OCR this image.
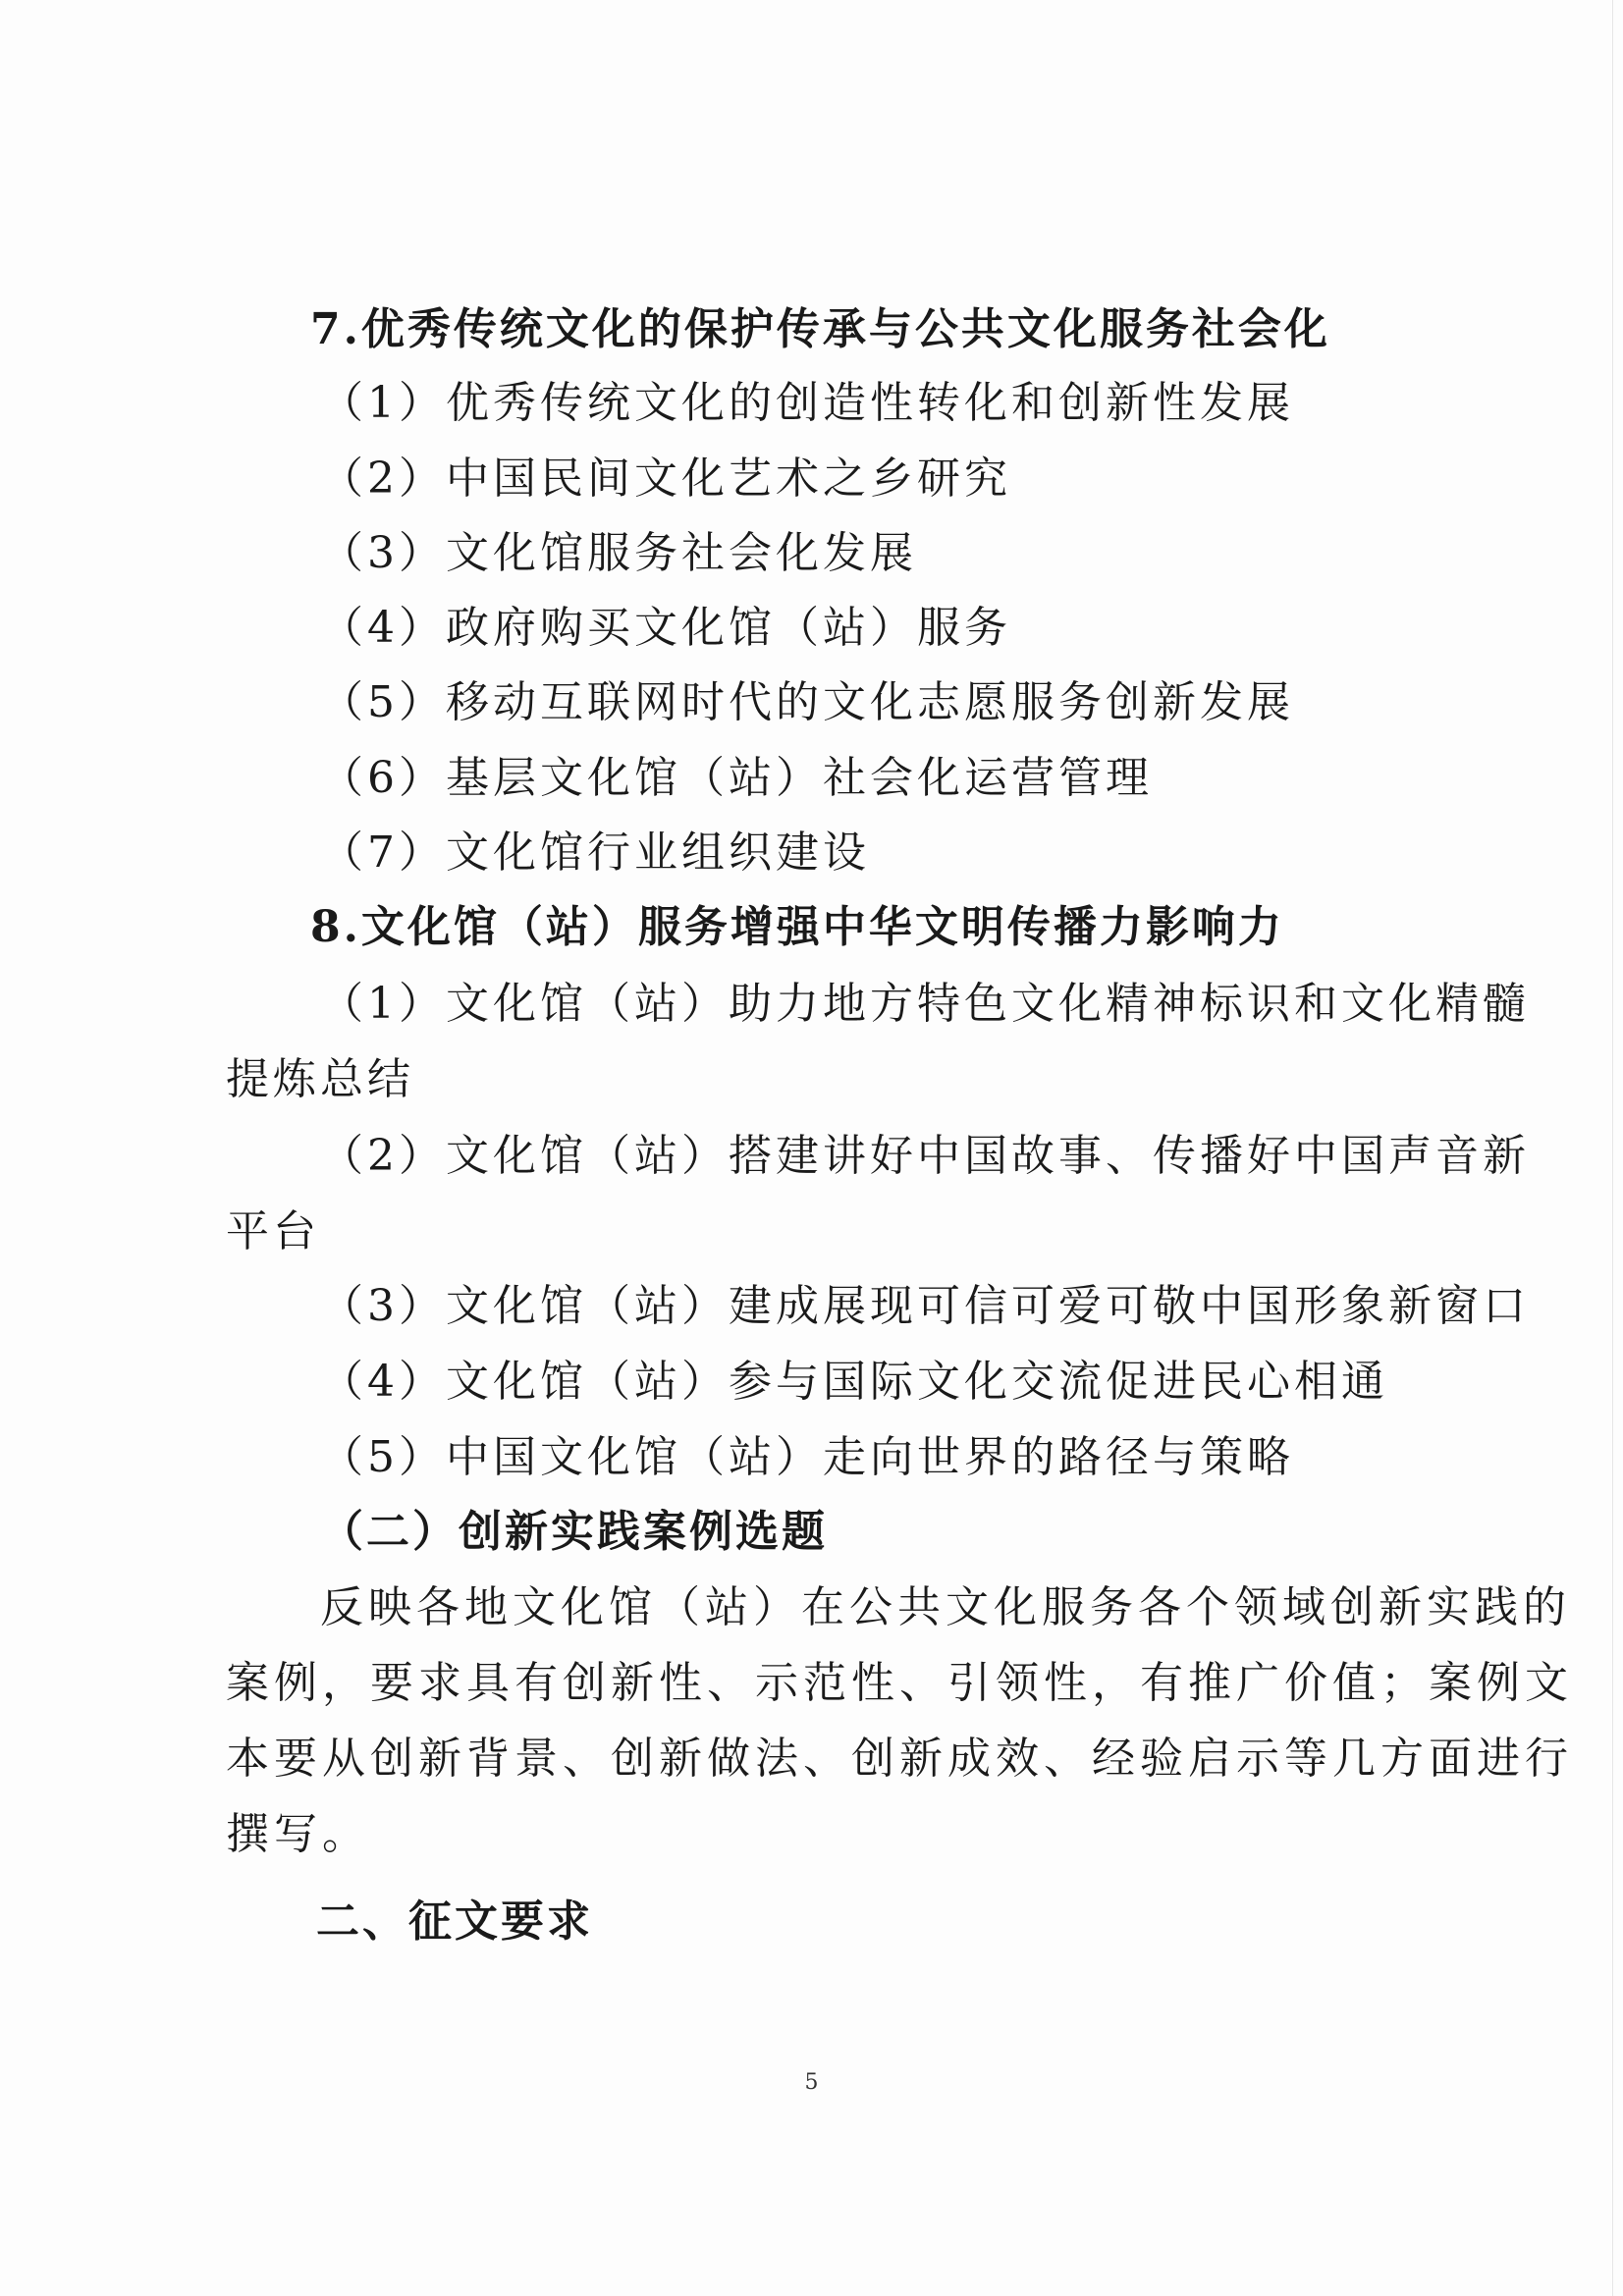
7.优秀传统文化的保护传承与公共文化服务社会化
（1）优秀传统文化的创造性转化和创新性发展
（2）中国民间文化艺术之乡研究
（3）文化馆服务社会化发展
（4）政府购买文化馆（站）服务
（5）移动互联网时代的文化志愿服务创新发展
（6）基层文化馆（站）社会化运营管理
（7）文化馆行业组织建设
8.文化馆（站）服务增强中华文明传播力影响力
（1）文化馆（站）助力地方特色文化精神标识和文化精髓
提炼总结
（2）文化馆（站）搭建讲好中国故事、传播好中国声音新
平台
（3）文化馆（站）建成展现可信可爱可敬中国形象新窗口
（4）文化馆（站）参与国际文化交流促进民心相通
（5）中国文化馆（站）走向世界的路径与策略
（二）创新实践案例选题
反映各地文化馆（站）在公共文化服务各个领域创新实践的
案例，要求具有创新性、示范性、引领性，有推广价值；案例文
本要从创新背景、创新做法、创新成效、经验启示等几方面进行
撰写。
二、征文要求
5
